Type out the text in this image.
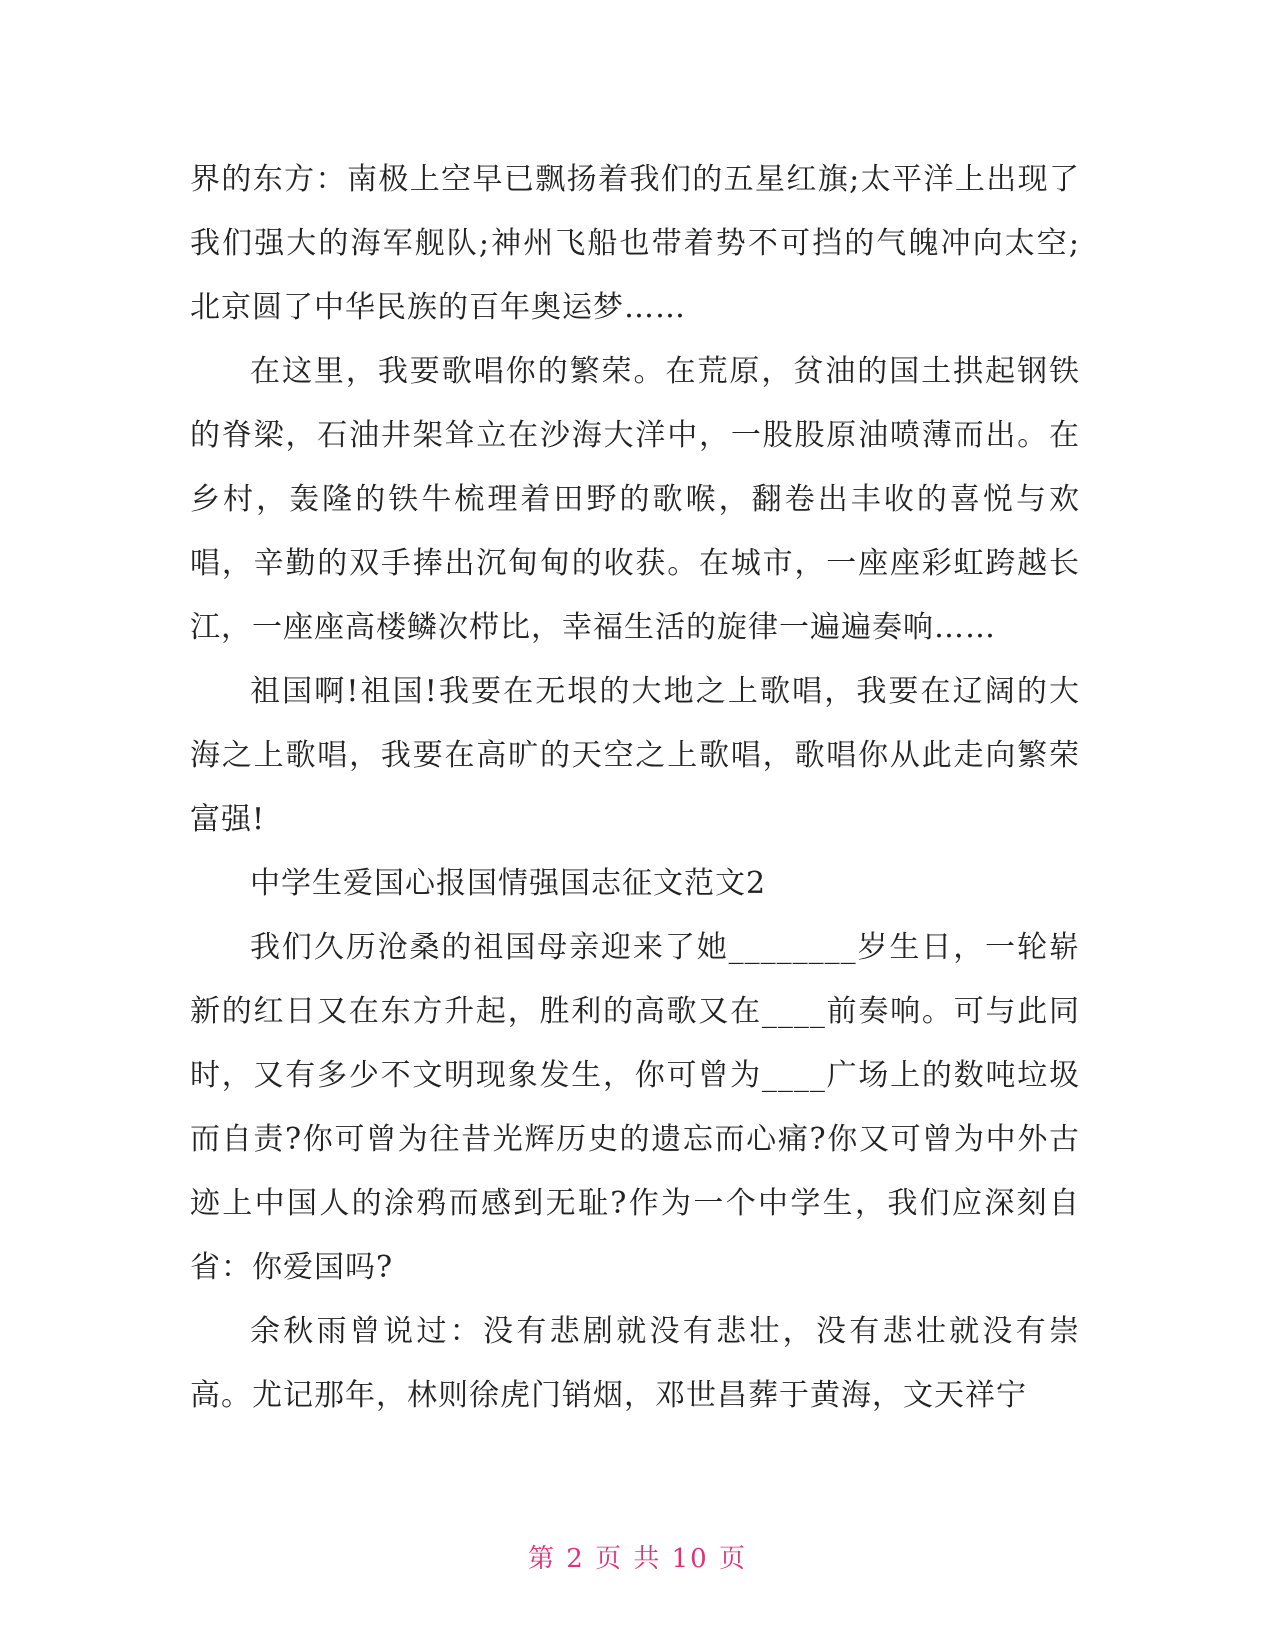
界的东方：南极上空早已飘扬着我们的五星红旗;太平洋上出现了我们强大的海军舰队;神州飞船也带着势不可挡的气魄冲向太空;北京圆了中华民族的百年奥运梦……

在这里，我要歌唱你的繁荣。在荒原，贫油的国土拱起钢铁的脊梁，石油井架耸立在沙海大洋中，一股股原油喷薄而出。在乡村，轰隆的铁牛梳理着田野的歌喉，翻卷出丰收的喜悦与欢唱，辛勤的双手捧出沉甸甸的收获。在城市，一座座彩虹跨越长江，一座座高楼鳞次栉比，幸福生活的旋律一遍遍奏响……

祖国啊!祖国!我要在无垠的大地之上歌唱，我要在辽阔的大海之上歌唱，我要在高旷的天空之上歌唱，歌唱你从此走向繁荣富强!

中学生爱国心报国情强国志征文范文2

我们久历沧桑的祖国母亲迎来了她________岁生日，一轮崭新的红日又在东方升起，胜利的高歌又在____前奏响。可与此同时，又有多少不文明现象发生，你可曾为____广场上的数吨垃圾而自责?你可曾为往昔光辉历史的遗忘而心痛?你又可曾为中外古迹上中国人的涂鸦而感到无耻?作为一个中学生，我们应深刻自省：你爱国吗?

余秋雨曾说过：没有悲剧就没有悲壮，没有悲壮就没有崇高。尤记那年，林则徐虎门销烟，邓世昌葬于黄海，文天祥宁

第 2 页 共 10 页
